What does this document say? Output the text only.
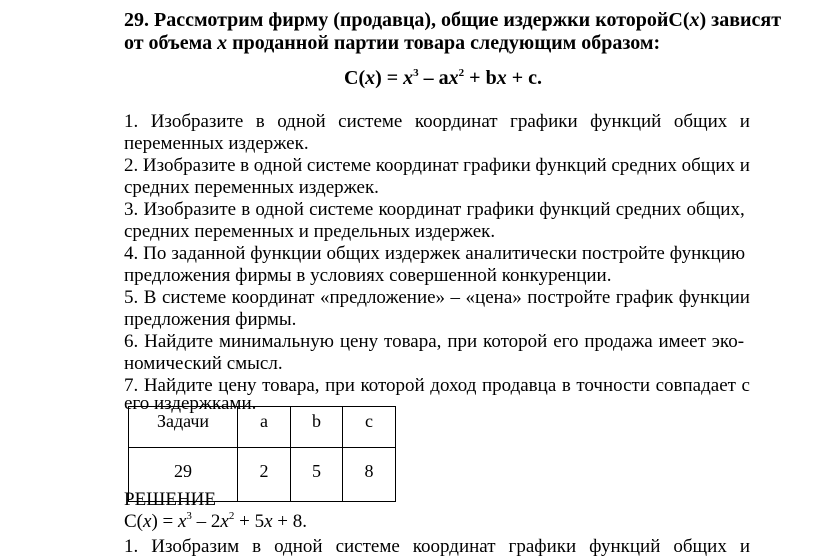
29. Рассмотрим фирму (продавца), общие издержки которой С( x ) зависят
от объема x проданной партии товара следующим образом:
$C(x) = x^3 - ax^2$ + bx + c.
1. Изобразите в одной системе координат графики функций общих и
переменных издержек.
2. Изобразите в одной системе координат графики функций средних общих и
средних переменных издержек.
3. Изобразите в одной системе координат графики функций средних общих,
средних переменных и предельных издержек.
4. По заданной функции общих издержек аналитически постройте функцию
предложения фирмы в условиях совершенной конкуренции.
5. В системе координат «предложение» – «цена» постройте график функции
предложения фирмы.
6. Найдите минимальную цену товара, при которой его продажа имеет эко-
номический смысл.
7. Найдите цену товара, при которой доход продавца в точности совпадает с
его издержками.
Задачи	a	b	c
29	2	5	8
РЕШЕНИЕ
$C(x) = x^3 - 2x^2 + 5x + 8$.
1. Изобразим в одной системе координат графики функций общих и
